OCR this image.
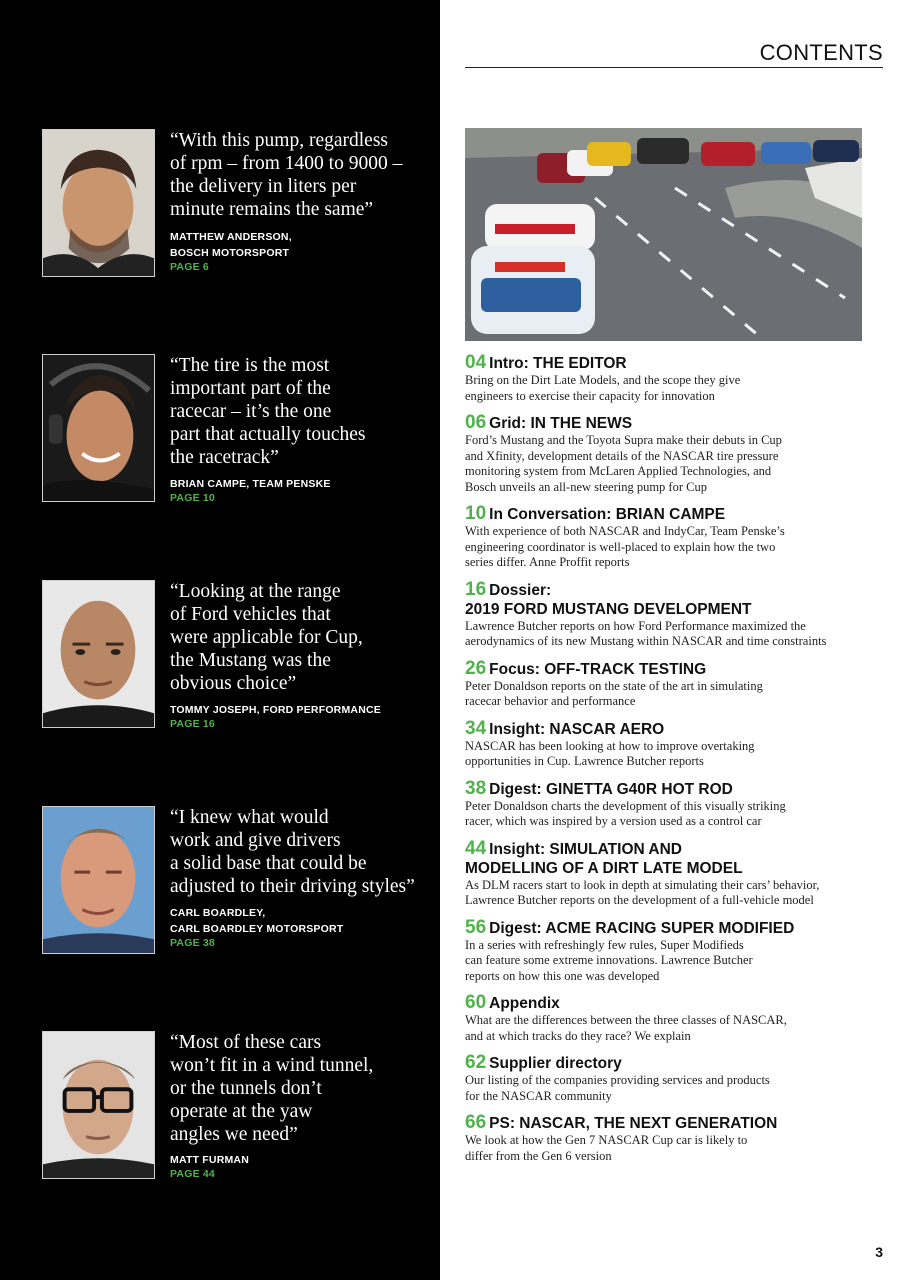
“With this pump, regardless
of rpm – from 1400 to 9000 –
the delivery in liters per
minute remains the same”
MATTHEW ANDERSON,
BOSCH MOTORSPORT
PAGE 6
“The tire is the most
important part of the
racecar – it’s the one
part that actually touches
the racetrack”
BRIAN CAMPE, TEAM PENSKE
PAGE 10
“Looking at the range
of Ford vehicles that
were applicable for Cup,
the Mustang was the
obvious choice”
TOMMY JOSEPH, FORD PERFORMANCE
PAGE 16
“I knew what would
work and give drivers
a solid base that could be
adjusted to their driving styles”
CARL BOARDLEY,
CARL BOARDLEY MOTORSPORT
PAGE 38
“Most of these cars
won’t fit in a wind tunnel,
or the tunnels don’t
operate at the yaw
angles we need”
MATT FURMAN
PAGE 44
CONTENTS
04 Intro: THE EDITOR
Bring on the Dirt Late Models, and the scope they give
engineers to exercise their capacity for innovation
06 Grid: IN THE NEWS
Ford’s Mustang and the Toyota Supra make their debuts in Cup
and Xfinity, development details of the NASCAR tire pressure
monitoring system from McLaren Applied Technologies, and
Bosch unveils an all-new steering pump for Cup
10 In Conversation: BRIAN CAMPE
With experience of both NASCAR and IndyCar, Team Penske’s
engineering coordinator is well-placed to explain how the two
series differ. Anne Proffit reports
16 Dossier:
2019 FORD MUSTANG DEVELOPMENT
Lawrence Butcher reports on how Ford Performance maximized the
aerodynamics of its new Mustang within NASCAR and time constraints
26 Focus: OFF-TRACK TESTING
Peter Donaldson reports on the state of the art in simulating
racecar behavior and performance
34 Insight: NASCAR AERO
NASCAR has been looking at how to improve overtaking
opportunities in Cup. Lawrence Butcher reports
38 Digest: GINETTA G40R HOT ROD
Peter Donaldson charts the development of this visually striking
racer, which was inspired by a version used as a control car
44 Insight: SIMULATION AND
MODELLING OF A DIRT LATE MODEL
As DLM racers start to look in depth at simulating their cars’ behavior,
Lawrence Butcher reports on the development of a full-vehicle model
56 Digest: ACME RACING SUPER MODIFIED
In a series with refreshingly few rules, Super Modifieds
can feature some extreme innovations. Lawrence Butcher
reports on how this one was developed
60 Appendix
What are the differences between the three classes of NASCAR,
and at which tracks do they race? We explain
62 Supplier directory
Our listing of the companies providing services and products
for the NASCAR community
66 PS: NASCAR, THE NEXT GENERATION
We look at how the Gen 7 NASCAR Cup car is likely to
differ from the Gen 6 version
3
